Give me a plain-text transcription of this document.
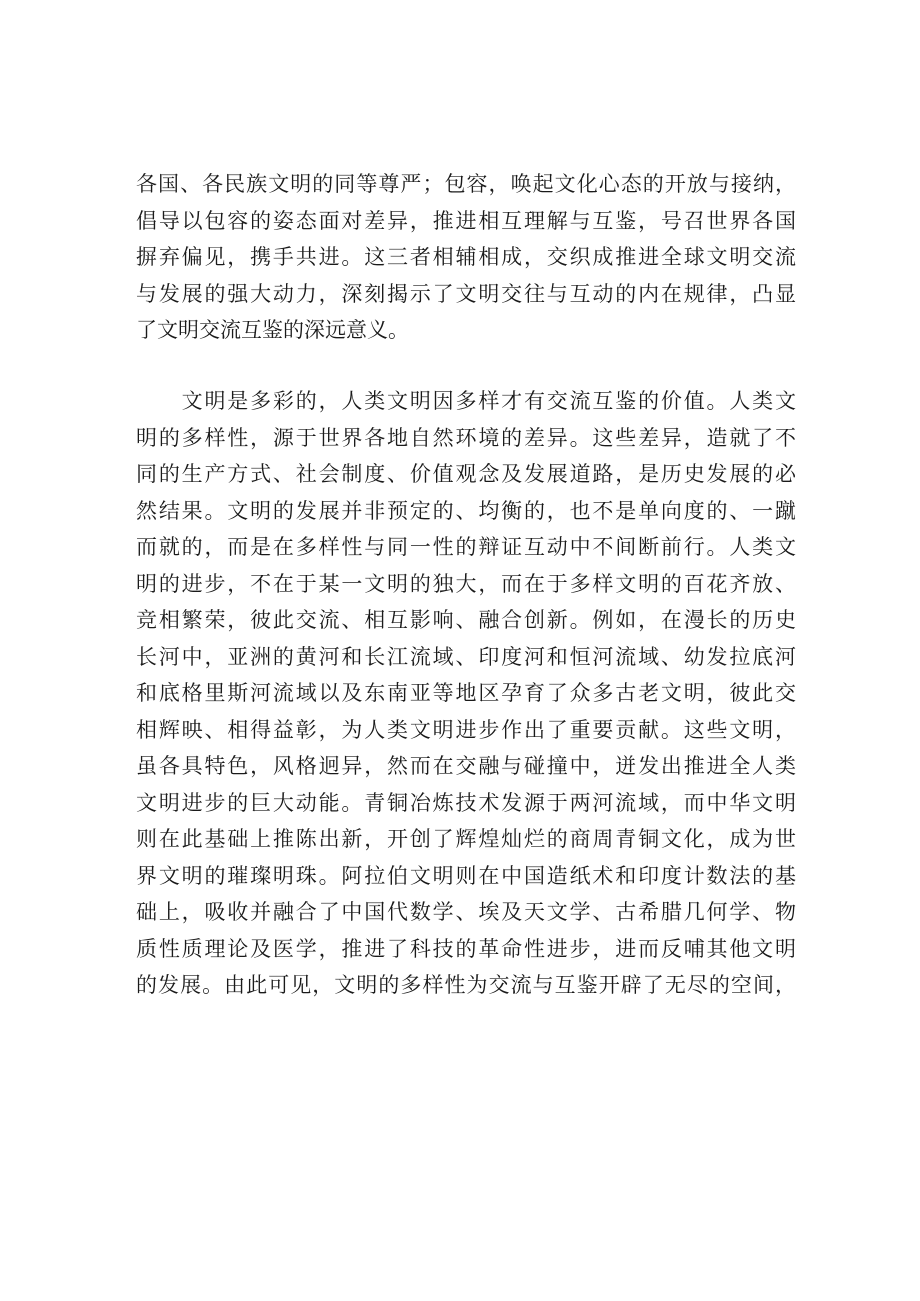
各国、各民族文明的同等尊严；包容，唤起文化心态的开放与接纳，
倡导以包容的姿态面对差异，推进相互理解与互鉴，号召世界各国
摒弃偏见，携手共进。这三者相辅相成，交织成推进全球文明交流
与发展的强大动力，深刻揭示了文明交往与互动的内在规律，凸显
了文明交流互鉴的深远意义。
　　文明是多彩的，人类文明因多样才有交流互鉴的价值。人类文
明的多样性，源于世界各地自然环境的差异。这些差异，造就了不
同的生产方式、社会制度、价值观念及发展道路，是历史发展的必
然结果。文明的发展并非预定的、均衡的，也不是单向度的、一蹴
而就的，而是在多样性与同一性的辩证互动中不间断前行。人类文
明的进步，不在于某一文明的独大，而在于多样文明的百花齐放、
竞相繁荣，彼此交流、相互影响、融合创新。例如，在漫长的历史
长河中，亚洲的黄河和长江流域、印度河和恒河流域、幼发拉底河
和底格里斯河流域以及东南亚等地区孕育了众多古老文明，彼此交
相辉映、相得益彰，为人类文明进步作出了重要贡献。这些文明，
虽各具特色，风格迥异，然而在交融与碰撞中，迸发出推进全人类
文明进步的巨大动能。青铜冶炼技术发源于两河流域，而中华文明
则在此基础上推陈出新，开创了辉煌灿烂的商周青铜文化，成为世
界文明的璀璨明珠。阿拉伯文明则在中国造纸术和印度计数法的基
础上，吸收并融合了中国代数学、埃及天文学、古希腊几何学、物
质性质理论及医学，推进了科技的革命性进步，进而反哺其他文明
的发展。由此可见，文明的多样性为交流与互鉴开辟了无尽的空间，
